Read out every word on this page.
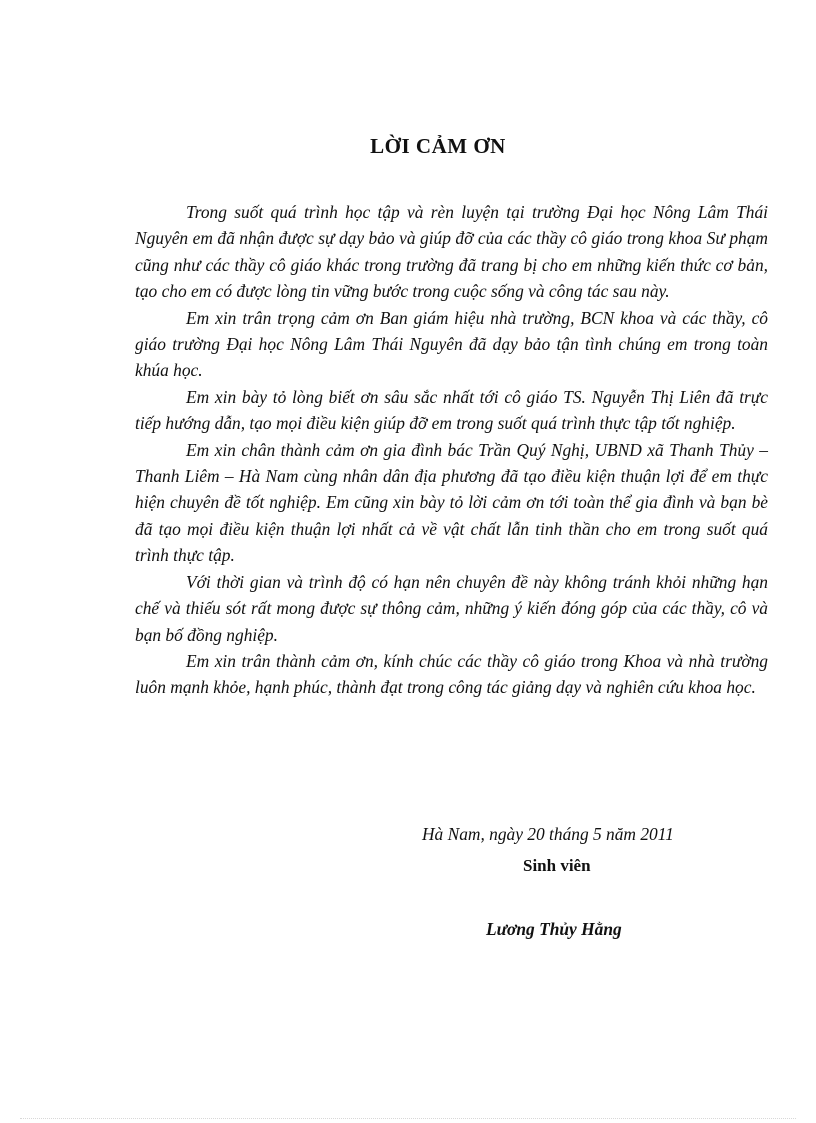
LỜI CẢM ƠN

Trong suốt quá trình học tập và rèn luyện tại trường Đại học Nông Lâm Thái Nguyên em đã nhận được sự dạy bảo và giúp đỡ của các thầy cô giáo trong khoa Sư phạm cũng như các thầy cô giáo khác trong trường đã trang bị cho em những kiến thức cơ bản, tạo cho em có được lòng tin vững bước trong cuộc sống và công tác sau này.

Em xin trân trọng cảm ơn Ban giám hiệu nhà trường, BCN khoa và các thầy, cô giáo trường Đại học Nông Lâm Thái Nguyên đã dạy bảo tận tình chúng em trong toàn khúa học.

Em xin bày tỏ lòng biết ơn sâu sắc nhất tới cô giáo TS. Nguyễn Thị Liên đã trực tiếp hướng dẫn, tạo mọi điều kiện giúp đỡ em trong suốt quá trình thực tập tốt nghiệp.

Em xin chân thành cảm ơn gia đình bác Trần Quý Nghị, UBND xã Thanh Thủy – Thanh Liêm – Hà Nam cùng nhân dân địa phương đã tạo điều kiện thuận lợi để em thực hiện chuyên đề tốt nghiệp. Em cũng xin bày tỏ lời cảm ơn tới toàn thể gia đình và bạn bè đã tạo mọi điều kiện thuận lợi nhất cả về vật chất lẫn tinh thần cho em trong suốt quá trình thực tập.

Với thời gian và trình độ có hạn nên chuyên đề này không tránh khỏi những hạn chế và thiếu sót rất mong được sự thông cảm, những ý kiến đóng góp của các thầy, cô và bạn bố đồng nghiệp.

Em xin trân thành cảm ơn, kính chúc các thầy cô giáo trong Khoa và nhà trường luôn mạnh khỏe, hạnh phúc, thành đạt trong công tác giảng dạy và nghiên cứu khoa học.

Hà Nam, ngày 20 tháng 5 năm 2011
Sinh viên
Lương Thủy Hằng
